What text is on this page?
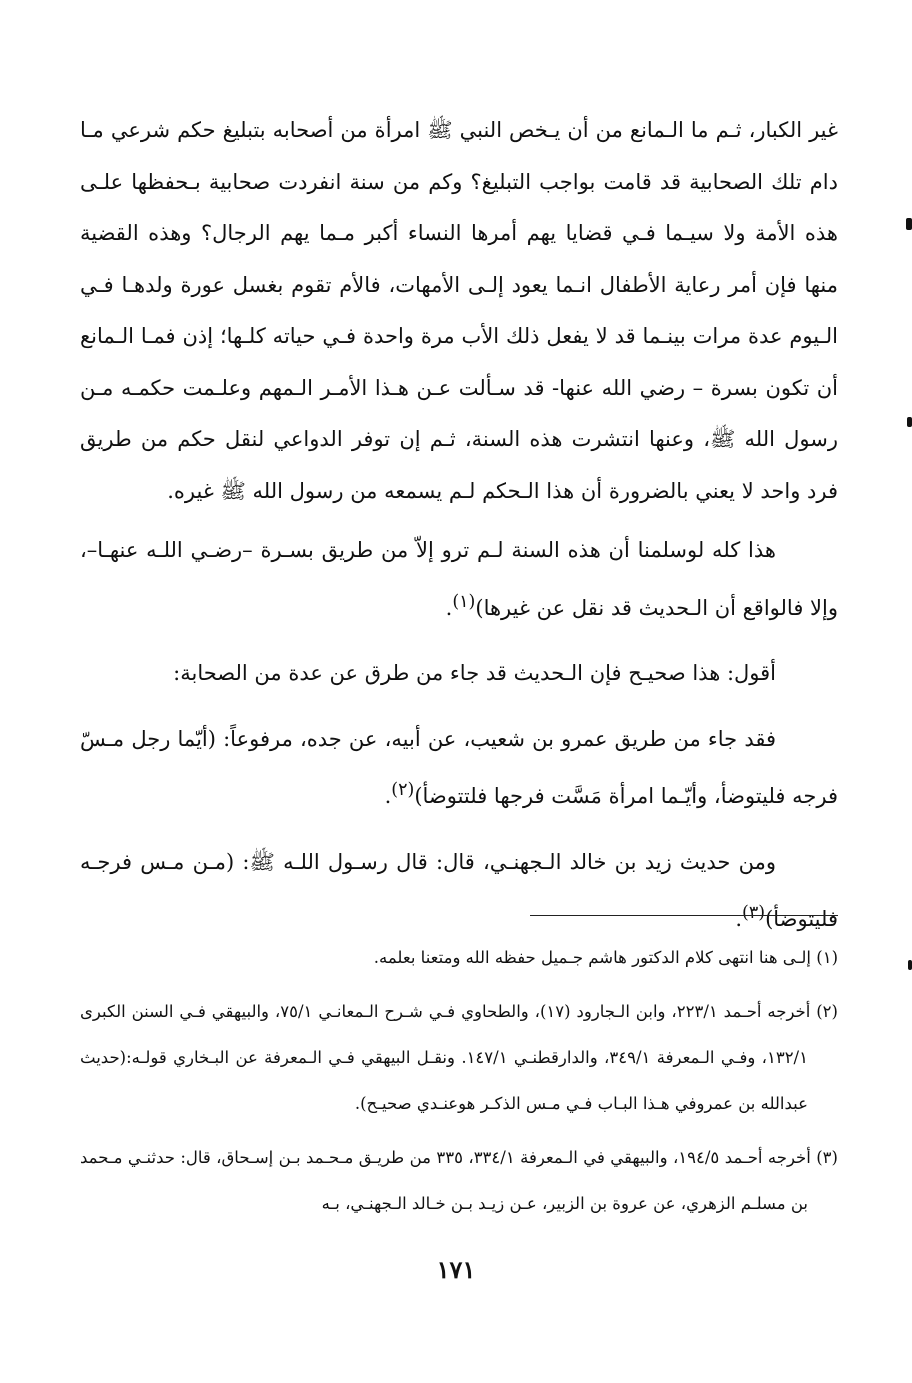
غير الكبار، ثـم ما الـمانع من أن يـخص النبي ﷺ امرأة من أصحابه بتبليغ حكم شرعي مـا دام تلك الصحابية قد قامت بواجب التبليغ؟ وكم من سنة انفردت صحابية بـحفظها علـى هذه الأمة ولا سيـما فـي قضايا يهم أمرها النساء أكبر مـما يهم الرجال؟ وهذه القضية منها فإن أمر رعاية الأطفال انـما يعود إلـى الأمهات، فالأم تقوم بغسل عورة ولدهـا فـي الـيوم عدة مرات بينـما قد لا يفعل ذلك الأب مرة واحدة فـي حياته كلـها؛ إذن فمـا الـمانع أن تكون بسرة – رضي الله عنها- قد سـألت عـن هـذا الأمـر الـمهم وعلـمت حكمـه مـن رسول الله ﷺ، وعنها انتشرت هذه السنة، ثـم إن توفر الدواعي لنقل حكم من طريق فرد واحد لا يعني بالضرورة أن هذا الـحكم لـم يسمعه من رسول الله ﷺ غيره.

هذا كله لوسلمنا أن هذه السنة لـم ترو إلاّ من طريق بسـرة –رضـي اللـه عنهـا–، وإلا فالواقع أن الـحديث قد نقل عن غيرها)$^{(١)}$.

أقول: هذا صحيـح فإن الـحديث قد جاء من طرق عن عدة من الصحابة:

فقد جاء من طريق عمرو بن شعيب، عن أبيه، عن جده، مرفوعاً: (أيّما رجل مـسّ فرجه فليتوضأ، وأيّـما امرأة مَسَّت فرجها فلتتوضأ)$^{(٢)}$.

ومن حديث زيد بن خالد الـجهنـي، قال: قال رسـول اللـه ﷺ: (مـن مـس فرجـه فليتوضأ)$^{(٣)}$.

(١) إلـى هنا انتهى كلام الدكتور هاشم جـميل حفظه الله ومتعنا بعلمه.

(٢) أخرجه أحـمد ٢٢٣/١، وابن الـجارود (١٧)، والطحاوي فـي شـرح الـمعانـي ٧٥/١، والبيهقي فـي السنن الكبرى ١٣٢/١، وفـي الـمعرفة ٣٤٩/١، والدارقطنـي ١٤٧/١. ونقـل البيهقي فـي الـمعرفة عن البـخاري قولـه:(حديث عبدالله بن عمروفي هـذا البـاب فـي مـس الذكـر هوعنـدي صحيـح).

(٣) أخرجه أحـمد ١٩٤/٥، والبيهقي في الـمعرفة ٣٣٤/١، ٣٣٥ من طريـق مـحـمد بـن إسـحاق، قال: حدثنـي مـحمد بن مسلـم الزهري، عن عروة بن الزبير، عـن زيـد بـن خـالد الـجهنـي، بـه

١٧١
